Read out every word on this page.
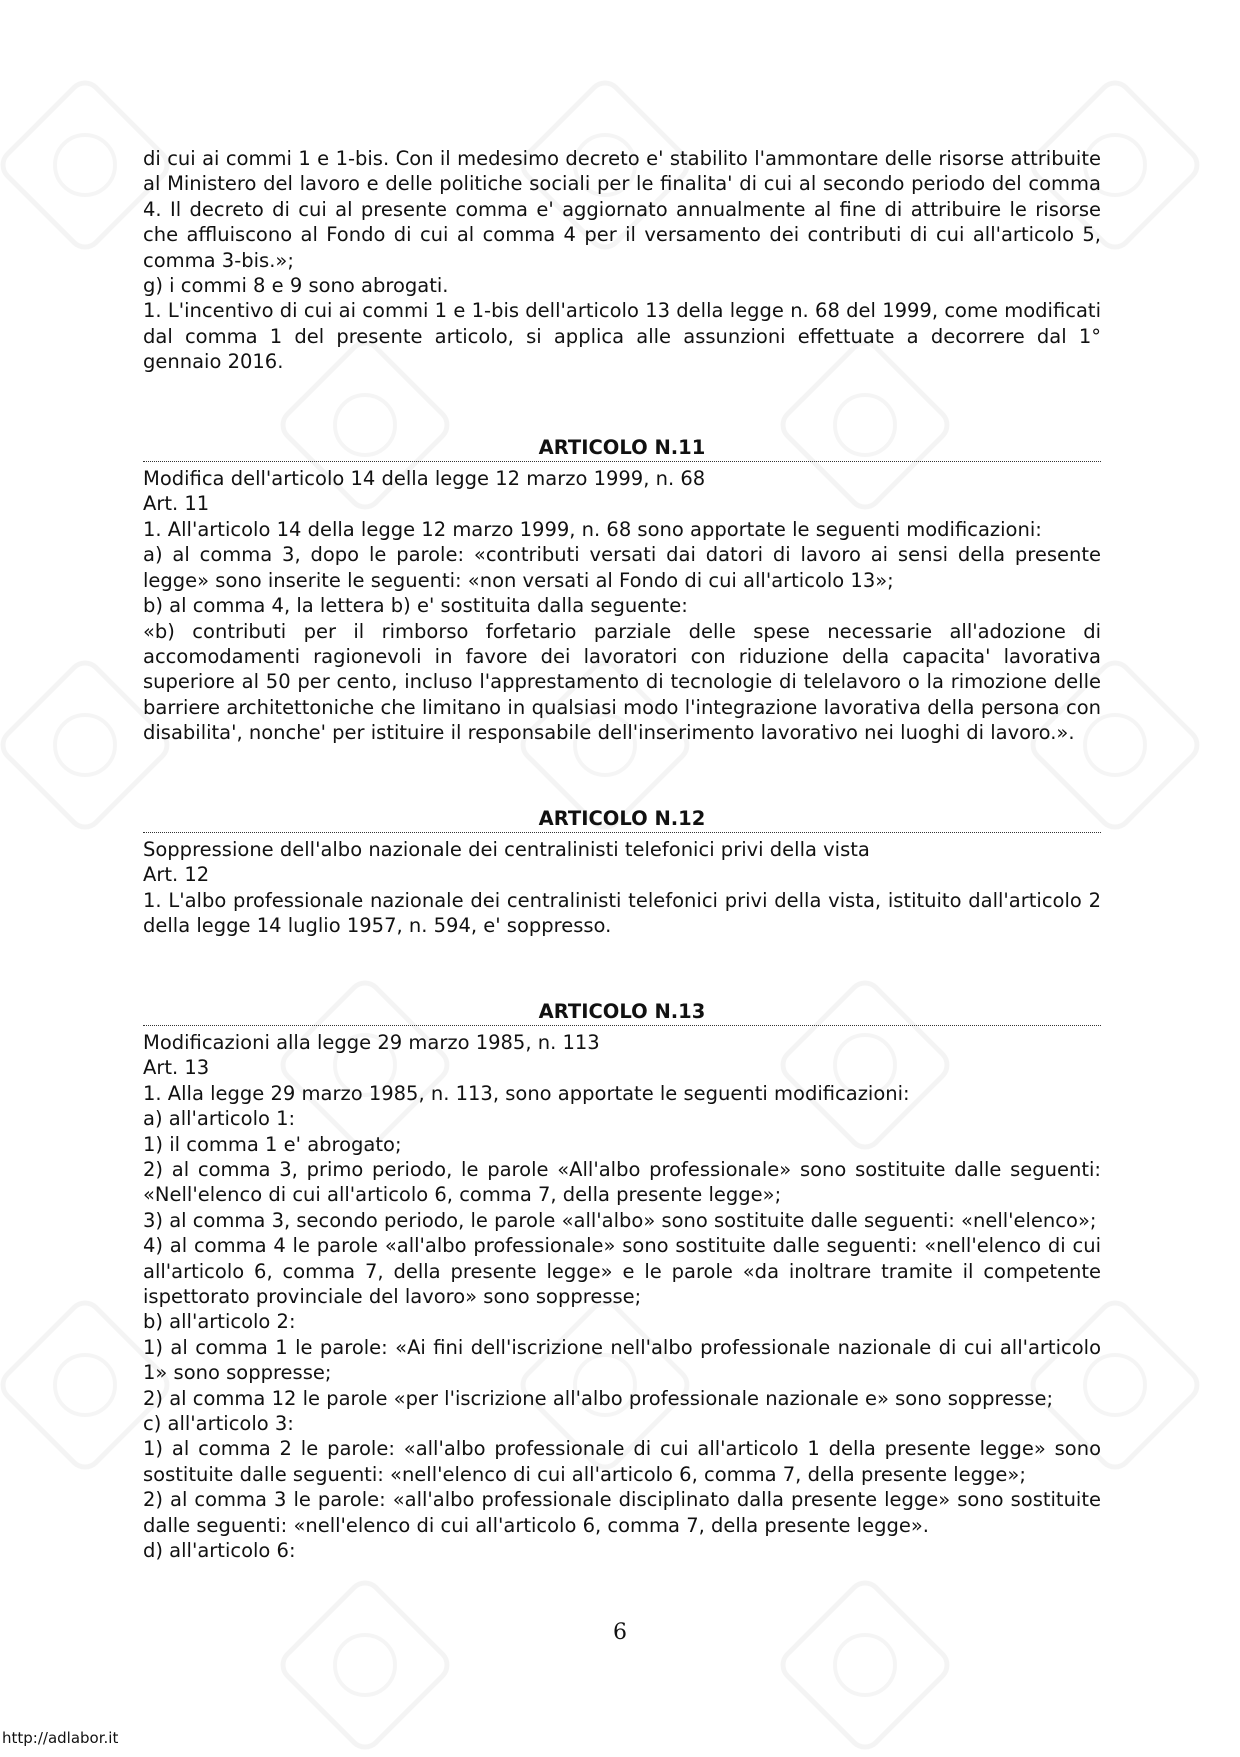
di cui ai commi 1 e 1-bis. Con il medesimo decreto e' stabilito l'ammontare delle risorse attribuite al Ministero del lavoro e delle politiche sociali per le finalita' di cui al secondo periodo del comma 4. Il decreto di cui al presente comma e' aggiornato annualmente al fine di attribuire le risorse che affluiscono al Fondo di cui al comma 4 per il versamento dei contributi di cui all'articolo 5, comma 3-bis.»;

g) i commi 8 e 9 sono abrogati.

1. L'incentivo di cui ai commi 1 e 1-bis dell'articolo 13 della legge n. 68 del 1999, come modificati dal comma 1 del presente articolo, si applica alle assunzioni effettuate a decorrere dal 1° gennaio 2016.

ARTICOLO N.11

Modifica dell'articolo 14 della legge 12 marzo 1999, n. 68

Art. 11

1. All'articolo 14 della legge 12 marzo 1999, n. 68 sono apportate le seguenti modificazioni:

a) al comma 3, dopo le parole: «contributi versati dai datori di lavoro ai sensi della presente legge» sono inserite le seguenti: «non versati al Fondo di cui all'articolo 13»;

b) al comma 4, la lettera b) e' sostituita dalla seguente:

«b) contributi per il rimborso forfetario parziale delle spese necessarie all'adozione di accomodamenti ragionevoli in favore dei lavoratori con riduzione della capacita' lavorativa superiore al 50 per cento, incluso l'apprestamento di tecnologie di telelavoro o la rimozione delle barriere architettoniche che limitano in qualsiasi modo l'integrazione lavorativa della persona con disabilita', nonche' per istituire il responsabile dell'inserimento lavorativo nei luoghi di lavoro.».

ARTICOLO N.12

Soppressione dell'albo nazionale dei centralinisti telefonici privi della vista

Art. 12

1. L'albo professionale nazionale dei centralinisti telefonici privi della vista, istituito dall'articolo 2 della legge 14 luglio 1957, n. 594, e' soppresso.

ARTICOLO N.13

Modificazioni alla legge 29 marzo 1985, n. 113

Art. 13

1. Alla legge 29 marzo 1985, n. 113, sono apportate le seguenti modificazioni:

a) all'articolo 1:

1) il comma 1 e' abrogato;

2) al comma 3, primo periodo, le parole «All'albo professionale» sono sostituite dalle seguenti: «Nell'elenco di cui all'articolo 6, comma 7, della presente legge»;

3) al comma 3, secondo periodo, le parole «all'albo» sono sostituite dalle seguenti: «nell'elenco»;

4) al comma 4 le parole «all'albo professionale» sono sostituite dalle seguenti: «nell'elenco di cui all'articolo 6, comma 7, della presente legge» e le parole «da inoltrare tramite il competente ispettorato provinciale del lavoro» sono soppresse;

b) all'articolo 2:

1) al comma 1 le parole: «Ai fini dell'iscrizione nell'albo professionale nazionale di cui all'articolo 1» sono soppresse;

2) al comma 12 le parole «per l'iscrizione all'albo professionale nazionale e» sono soppresse;

c) all'articolo 3:

1) al comma 2 le parole: «all'albo professionale di cui all'articolo 1 della presente legge» sono sostituite dalle seguenti: «nell'elenco di cui all'articolo 6, comma 7, della presente legge»;

2) al comma 3 le parole: «all'albo professionale disciplinato dalla presente legge» sono sostituite dalle seguenti: «nell'elenco di cui all'articolo 6, comma 7, della presente legge».

d) all'articolo 6:

6
http://adlabor.it
